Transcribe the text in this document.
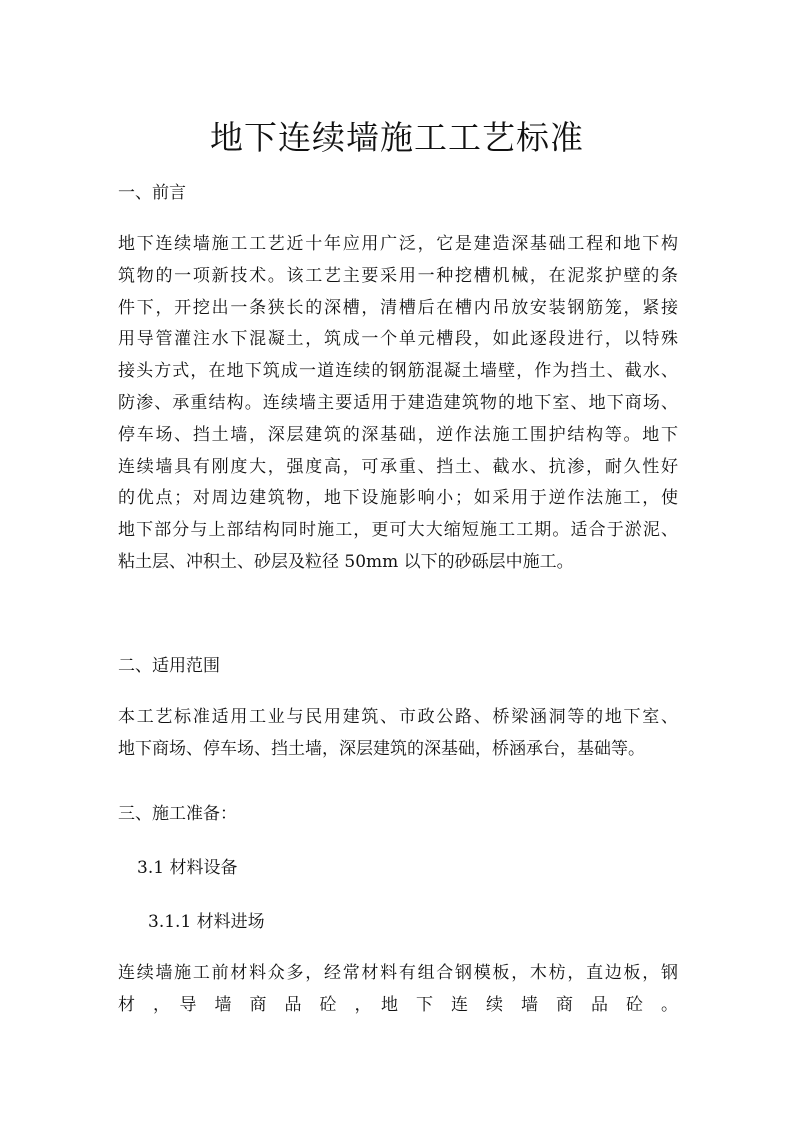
地下连续墙施工工艺标准
一、前言
地下连续墙施工工艺近十年应用广泛，它是建造深基础工程和地下构
筑物的一项新技术。该工艺主要采用一种挖槽机械，在泥浆护壁的条
件下，开挖出一条狭长的深槽，清槽后在槽内吊放安装钢筋笼，紧接
用导管灌注水下混凝土，筑成一个单元槽段，如此逐段进行，以特殊
接头方式，在地下筑成一道连续的钢筋混凝土墙壁，作为挡土、截水、
防渗、承重结构。连续墙主要适用于建造建筑物的地下室、地下商场、
停车场、挡土墙，深层建筑的深基础，逆作法施工围护结构等。地下
连续墙具有刚度大，强度高，可承重、挡土、截水、抗渗，耐久性好
的优点；对周边建筑物，地下设施影响小；如采用于逆作法施工，使
地下部分与上部结构同时施工，更可大大缩短施工工期。适合于淤泥、
粘土层、冲积土、砂层及粒径 50mm 以下的砂砾层中施工。
二、适用范围
本工艺标准适用工业与民用建筑、市政公路、桥梁涵洞等的地下室、
地下商场、停车场、挡土墙，深层建筑的深基础，桥涵承台，基础等。
三、施工准备：
3.1 材料设备
3.1.1 材料进场
连续墙施工前材料众多，经常材料有组合钢模板，木枋，直边板，钢
材　，　导　墙　商　品　砼　，　地　下　连　续　墙　商　品　砼　。
